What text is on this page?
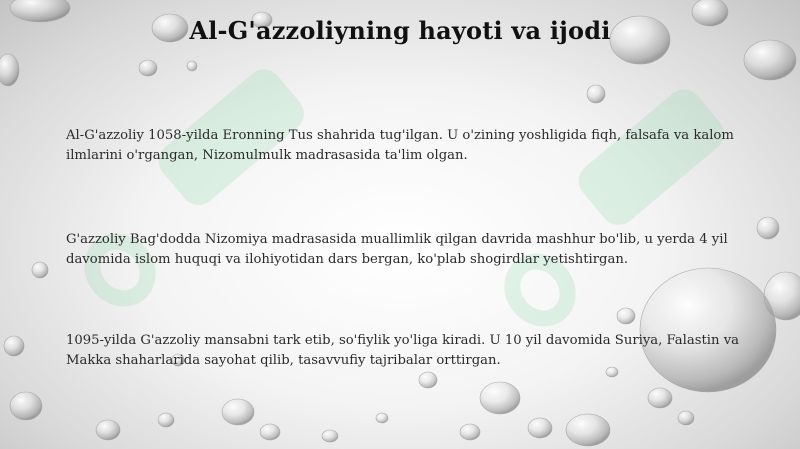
Al-G'azzoliyning hayoti va ijodi
Al-G'azzoliy 1058-yilda Eronning Tus shahrida tug'ilgan. U o'zining yoshligida fiqh, falsafa va kalom ilmlarini o'rgangan, Nizomulmulk madrasasida ta'lim olgan.
G'azzoliy Bag'dodda Nizomiya madrasasida muallimlik qilgan davrida mashhur bo'lib, u yerda 4 yil davomida islom huquqi va ilohiyotidan dars bergan, ko'plab shogirdlar yetishtirgan.
1095-yilda G'azzoliy mansabni tark etib, so'fiylik yo'liga kiradi. U 10 yil davomida Suriya, Falastin va Makka shaharlarida sayohat qilib, tasavvufiy tajribalar orttirgan.
